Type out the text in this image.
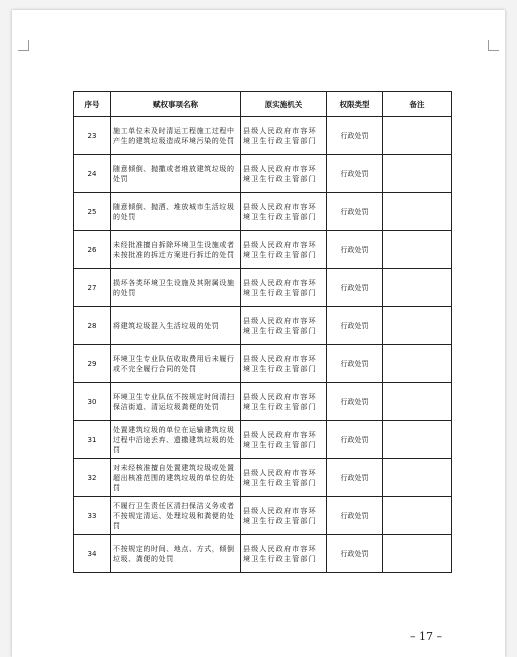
序号	赋权事项名称	原实施机关	权限类型	备注
23	施工单位未及时清运工程施工过程中产生的建筑垃圾造成环境污染的处罚	县级人民政府市容环境卫生行政主管部门	行政处罚	
24	随意倾倒、抛撒或者堆放建筑垃圾的处罚	县级人民政府市容环境卫生行政主管部门	行政处罚	
25	随意倾倒、抛洒、堆放城市生活垃圾的处罚	县级人民政府市容环境卫生行政主管部门	行政处罚	
26	未经批准擅自拆除环境卫生设施或者未按批准的拆迁方案进行拆迁的处罚	县级人民政府市容环境卫生行政主管部门	行政处罚	
27	损坏各类环境卫生设施及其附属设施的处罚	县级人民政府市容环境卫生行政主管部门	行政处罚	
28	将建筑垃圾混入生活垃圾的处罚	县级人民政府市容环境卫生行政主管部门	行政处罚	
29	环境卫生专业队伍收取费用后未履行或不完全履行合同的处罚	县级人民政府市容环境卫生行政主管部门	行政处罚	
30	环境卫生专业队伍不按规定时间清扫保洁街道、清运垃圾粪便的处罚	县级人民政府市容环境卫生行政主管部门	行政处罚	
31	处置建筑垃圾的单位在运输建筑垃圾过程中沿途丢弃、遗撒建筑垃圾的处罚	县级人民政府市容环境卫生行政主管部门	行政处罚	
32	对未经核准擅自处置建筑垃圾或处置超出核准范围的建筑垃圾的单位的处罚	县级人民政府市容环境卫生行政主管部门	行政处罚	
33	不履行卫生责任区清扫保洁义务或者不按规定清运、处理垃圾和粪便的处罚	县级人民政府市容环境卫生行政主管部门	行政处罚	
34	不按规定的时间、地点、方式，倾倒垃圾、粪便的处罚	县级人民政府市容环境卫生行政主管部门	行政处罚	
– 17 –
